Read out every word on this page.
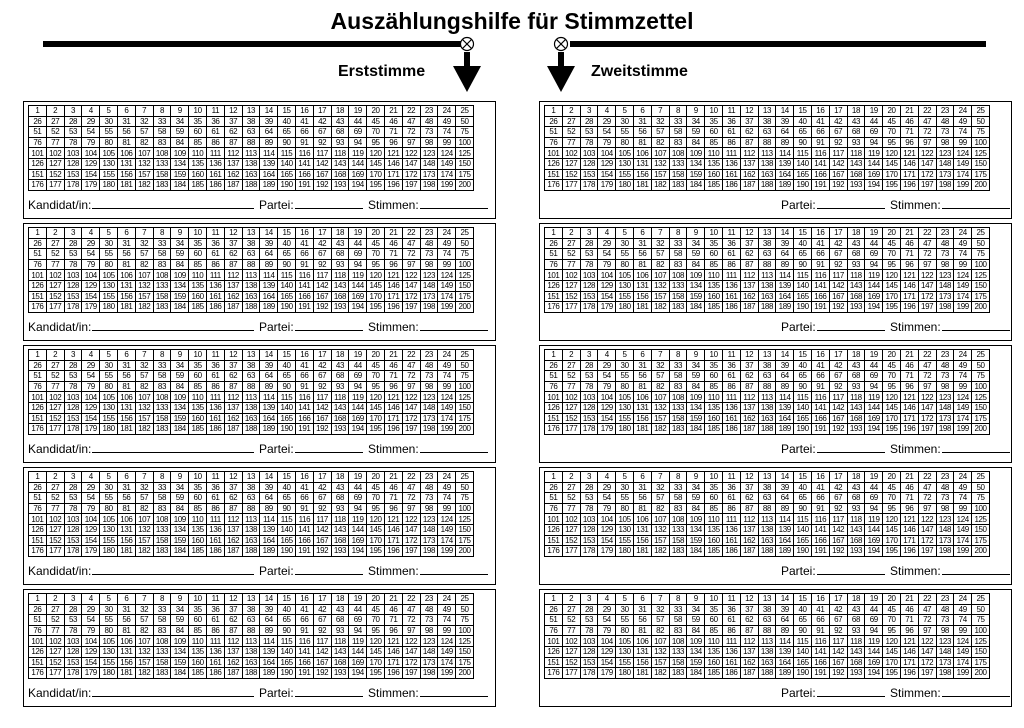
Auszählungshilfe für Stimmzettel
Erststimme	Zweitstimme
1	2	3	4	5	6	7	8	9	10	11	12	13	14	15	16	17	18	19	20	21	22	23	24	25
26	27	28	29	30	31	32	33	34	35	36	37	38	39	40	41	42	43	44	45	46	47	48	49	50
51	52	53	54	55	56	57	58	59	60	61	62	63	64	65	66	67	68	69	70	71	72	73	74	75
76	77	78	79	80	81	82	83	84	85	86	87	88	89	90	91	92	93	94	95	96	97	98	99	100
101	102	103	104	105	106	107	108	109	110	111	112	113	114	115	116	117	118	119	120	121	122	123	124	125
126	127	128	129	130	131	132	133	134	135	136	137	138	139	140	141	142	143	144	145	146	147	148	149	150
151	152	153	154	155	156	157	158	159	160	161	162	163	164	165	166	167	168	169	170	171	172	173	174	175
176	177	178	179	180	181	182	183	184	185	186	187	188	189	190	191	192	193	194	195	196	197	198	199	200
Kandidat/in:	Partei:	Stimmen:
1	2	3	4	5	6	7	8	9	10	11	12	13	14	15	16	17	18	19	20	21	22	23	24	25
26	27	28	29	30	31	32	33	34	35	36	37	38	39	40	41	42	43	44	45	46	47	48	49	50
51	52	53	54	55	56	57	58	59	60	61	62	63	64	65	66	67	68	69	70	71	72	73	74	75
76	77	78	79	80	81	82	83	84	85	86	87	88	89	90	91	92	93	94	95	96	97	98	99	100
101	102	103	104	105	106	107	108	109	110	111	112	113	114	115	116	117	118	119	120	121	122	123	124	125
126	127	128	129	130	131	132	133	134	135	136	137	138	139	140	141	142	143	144	145	146	147	148	149	150
151	152	153	154	155	156	157	158	159	160	161	162	163	164	165	166	167	168	169	170	171	172	173	174	175
176	177	178	179	180	181	182	183	184	185	186	187	188	189	190	191	192	193	194	195	196	197	198	199	200
Partei:	Stimmen:
1	2	3	4	5	6	7	8	9	10	11	12	13	14	15	16	17	18	19	20	21	22	23	24	25
26	27	28	29	30	31	32	33	34	35	36	37	38	39	40	41	42	43	44	45	46	47	48	49	50
51	52	53	54	55	56	57	58	59	60	61	62	63	64	65	66	67	68	69	70	71	72	73	74	75
76	77	78	79	80	81	82	83	84	85	86	87	88	89	90	91	92	93	94	95	96	97	98	99	100
101	102	103	104	105	106	107	108	109	110	111	112	113	114	115	116	117	118	119	120	121	122	123	124	125
126	127	128	129	130	131	132	133	134	135	136	137	138	139	140	141	142	143	144	145	146	147	148	149	150
151	152	153	154	155	156	157	158	159	160	161	162	163	164	165	166	167	168	169	170	171	172	173	174	175
176	177	178	179	180	181	182	183	184	185	186	187	188	189	190	191	192	193	194	195	196	197	198	199	200
Kandidat/in:	Partei:	Stimmen:
1	2	3	4	5	6	7	8	9	10	11	12	13	14	15	16	17	18	19	20	21	22	23	24	25
26	27	28	29	30	31	32	33	34	35	36	37	38	39	40	41	42	43	44	45	46	47	48	49	50
51	52	53	54	55	56	57	58	59	60	61	62	63	64	65	66	67	68	69	70	71	72	73	74	75
76	77	78	79	80	81	82	83	84	85	86	87	88	89	90	91	92	93	94	95	96	97	98	99	100
101	102	103	104	105	106	107	108	109	110	111	112	113	114	115	116	117	118	119	120	121	122	123	124	125
126	127	128	129	130	131	132	133	134	135	136	137	138	139	140	141	142	143	144	145	146	147	148	149	150
151	152	153	154	155	156	157	158	159	160	161	162	163	164	165	166	167	168	169	170	171	172	173	174	175
176	177	178	179	180	181	182	183	184	185	186	187	188	189	190	191	192	193	194	195	196	197	198	199	200
Partei:	Stimmen:
1	2	3	4	5	6	7	8	9	10	11	12	13	14	15	16	17	18	19	20	21	22	23	24	25
26	27	28	29	30	31	32	33	34	35	36	37	38	39	40	41	42	43	44	45	46	47	48	49	50
51	52	53	54	55	56	57	58	59	60	61	62	63	64	65	66	67	68	69	70	71	72	73	74	75
76	77	78	79	80	81	82	83	84	85	86	87	88	89	90	91	92	93	94	95	96	97	98	99	100
101	102	103	104	105	106	107	108	109	110	111	112	113	114	115	116	117	118	119	120	121	122	123	124	125
126	127	128	129	130	131	132	133	134	135	136	137	138	139	140	141	142	143	144	145	146	147	148	149	150
151	152	153	154	155	156	157	158	159	160	161	162	163	164	165	166	167	168	169	170	171	172	173	174	175
176	177	178	179	180	181	182	183	184	185	186	187	188	189	190	191	192	193	194	195	196	197	198	199	200
Kandidat/in:	Partei:	Stimmen:
1	2	3	4	5	6	7	8	9	10	11	12	13	14	15	16	17	18	19	20	21	22	23	24	25
26	27	28	29	30	31	32	33	34	35	36	37	38	39	40	41	42	43	44	45	46	47	48	49	50
51	52	53	54	55	56	57	58	59	60	61	62	63	64	65	66	67	68	69	70	71	72	73	74	75
76	77	78	79	80	81	82	83	84	85	86	87	88	89	90	91	92	93	94	95	96	97	98	99	100
101	102	103	104	105	106	107	108	109	110	111	112	113	114	115	116	117	118	119	120	121	122	123	124	125
126	127	128	129	130	131	132	133	134	135	136	137	138	139	140	141	142	143	144	145	146	147	148	149	150
151	152	153	154	155	156	157	158	159	160	161	162	163	164	165	166	167	168	169	170	171	172	173	174	175
176	177	178	179	180	181	182	183	184	185	186	187	188	189	190	191	192	193	194	195	196	197	198	199	200
Partei:	Stimmen:
1	2	3	4	5	6	7	8	9	10	11	12	13	14	15	16	17	18	19	20	21	22	23	24	25
26	27	28	29	30	31	32	33	34	35	36	37	38	39	40	41	42	43	44	45	46	47	48	49	50
51	52	53	54	55	56	57	58	59	60	61	62	63	64	65	66	67	68	69	70	71	72	73	74	75
76	77	78	79	80	81	82	83	84	85	86	87	88	89	90	91	92	93	94	95	96	97	98	99	100
101	102	103	104	105	106	107	108	109	110	111	112	113	114	115	116	117	118	119	120	121	122	123	124	125
126	127	128	129	130	131	132	133	134	135	136	137	138	139	140	141	142	143	144	145	146	147	148	149	150
151	152	153	154	155	156	157	158	159	160	161	162	163	164	165	166	167	168	169	170	171	172	173	174	175
176	177	178	179	180	181	182	183	184	185	186	187	188	189	190	191	192	193	194	195	196	197	198	199	200
Kandidat/in:	Partei:	Stimmen:
1	2	3	4	5	6	7	8	9	10	11	12	13	14	15	16	17	18	19	20	21	22	23	24	25
26	27	28	29	30	31	32	33	34	35	36	37	38	39	40	41	42	43	44	45	46	47	48	49	50
51	52	53	54	55	56	57	58	59	60	61	62	63	64	65	66	67	68	69	70	71	72	73	74	75
76	77	78	79	80	81	82	83	84	85	86	87	88	89	90	91	92	93	94	95	96	97	98	99	100
101	102	103	104	105	106	107	108	109	110	111	112	113	114	115	116	117	118	119	120	121	122	123	124	125
126	127	128	129	130	131	132	133	134	135	136	137	138	139	140	141	142	143	144	145	146	147	148	149	150
151	152	153	154	155	156	157	158	159	160	161	162	163	164	165	166	167	168	169	170	171	172	173	174	175
176	177	178	179	180	181	182	183	184	185	186	187	188	189	190	191	192	193	194	195	196	197	198	199	200
Partei:	Stimmen:
1	2	3	4	5	6	7	8	9	10	11	12	13	14	15	16	17	18	19	20	21	22	23	24	25
26	27	28	29	30	31	32	33	34	35	36	37	38	39	40	41	42	43	44	45	46	47	48	49	50
51	52	53	54	55	56	57	58	59	60	61	62	63	64	65	66	67	68	69	70	71	72	73	74	75
76	77	78	79	80	81	82	83	84	85	86	87	88	89	90	91	92	93	94	95	96	97	98	99	100
101	102	103	104	105	106	107	108	109	110	111	112	113	114	115	116	117	118	119	120	121	122	123	124	125
126	127	128	129	130	131	132	133	134	135	136	137	138	139	140	141	142	143	144	145	146	147	148	149	150
151	152	153	154	155	156	157	158	159	160	161	162	163	164	165	166	167	168	169	170	171	172	173	174	175
176	177	178	179	180	181	182	183	184	185	186	187	188	189	190	191	192	193	194	195	196	197	198	199	200
Kandidat/in:	Partei:	Stimmen:
1	2	3	4	5	6	7	8	9	10	11	12	13	14	15	16	17	18	19	20	21	22	23	24	25
26	27	28	29	30	31	32	33	34	35	36	37	38	39	40	41	42	43	44	45	46	47	48	49	50
51	52	53	54	55	56	57	58	59	60	61	62	63	64	65	66	67	68	69	70	71	72	73	74	75
76	77	78	79	80	81	82	83	84	85	86	87	88	89	90	91	92	93	94	95	96	97	98	99	100
101	102	103	104	105	106	107	108	109	110	111	112	113	114	115	116	117	118	119	120	121	122	123	124	125
126	127	128	129	130	131	132	133	134	135	136	137	138	139	140	141	142	143	144	145	146	147	148	149	150
151	152	153	154	155	156	157	158	159	160	161	162	163	164	165	166	167	168	169	170	171	172	173	174	175
176	177	178	179	180	181	182	183	184	185	186	187	188	189	190	191	192	193	194	195	196	197	198	199	200
Partei:	Stimmen:
